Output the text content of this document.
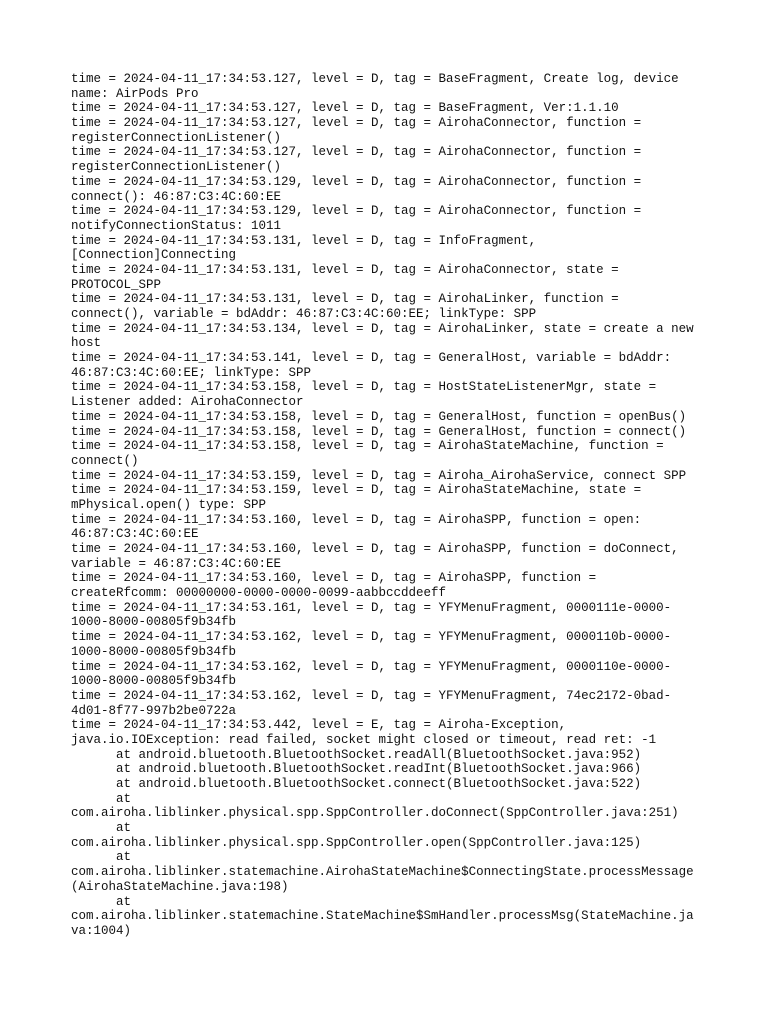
time = 2024-04-11_17:34:53.127, level = D, tag = BaseFragment, Create log, device
name: AirPods Pro
time = 2024-04-11_17:34:53.127, level = D, tag = BaseFragment, Ver:1.1.10
time = 2024-04-11_17:34:53.127, level = D, tag = AirohaConnector, function =
registerConnectionListener()
time = 2024-04-11_17:34:53.127, level = D, tag = AirohaConnector, function =
registerConnectionListener()
time = 2024-04-11_17:34:53.129, level = D, tag = AirohaConnector, function =
connect(): 46:87:C3:4C:60:EE
time = 2024-04-11_17:34:53.129, level = D, tag = AirohaConnector, function =
notifyConnectionStatus: 1011
time = 2024-04-11_17:34:53.131, level = D, tag = InfoFragment,
[Connection]Connecting
time = 2024-04-11_17:34:53.131, level = D, tag = AirohaConnector, state =
PROTOCOL_SPP
time = 2024-04-11_17:34:53.131, level = D, tag = AirohaLinker, function =
connect(), variable = bdAddr: 46:87:C3:4C:60:EE; linkType: SPP
time = 2024-04-11_17:34:53.134, level = D, tag = AirohaLinker, state = create a new
host
time = 2024-04-11_17:34:53.141, level = D, tag = GeneralHost, variable = bdAddr:
46:87:C3:4C:60:EE; linkType: SPP
time = 2024-04-11_17:34:53.158, level = D, tag = HostStateListenerMgr, state =
Listener added: AirohaConnector
time = 2024-04-11_17:34:53.158, level = D, tag = GeneralHost, function = openBus()
time = 2024-04-11_17:34:53.158, level = D, tag = GeneralHost, function = connect()
time = 2024-04-11_17:34:53.158, level = D, tag = AirohaStateMachine, function =
connect()
time = 2024-04-11_17:34:53.159, level = D, tag = Airoha_AirohaService, connect SPP
time = 2024-04-11_17:34:53.159, level = D, tag = AirohaStateMachine, state =
mPhysical.open() type: SPP
time = 2024-04-11_17:34:53.160, level = D, tag = AirohaSPP, function = open:
46:87:C3:4C:60:EE
time = 2024-04-11_17:34:53.160, level = D, tag = AirohaSPP, function = doConnect,
variable = 46:87:C3:4C:60:EE
time = 2024-04-11_17:34:53.160, level = D, tag = AirohaSPP, function =
createRfcomm: 00000000-0000-0000-0099-aabbccddeeff
time = 2024-04-11_17:34:53.161, level = D, tag = YFYMenuFragment, 0000111e-0000-
1000-8000-00805f9b34fb
time = 2024-04-11_17:34:53.162, level = D, tag = YFYMenuFragment, 0000110b-0000-
1000-8000-00805f9b34fb
time = 2024-04-11_17:34:53.162, level = D, tag = YFYMenuFragment, 0000110e-0000-
1000-8000-00805f9b34fb
time = 2024-04-11_17:34:53.162, level = D, tag = YFYMenuFragment, 74ec2172-0bad-
4d01-8f77-997b2be0722a
time = 2024-04-11_17:34:53.442, level = E, tag = Airoha-Exception,
java.io.IOException: read failed, socket might closed or timeout, read ret: -1
at android.bluetooth.BluetoothSocket.readAll(BluetoothSocket.java:952)
at android.bluetooth.BluetoothSocket.readInt(BluetoothSocket.java:966)
at android.bluetooth.BluetoothSocket.connect(BluetoothSocket.java:522)
at
com.airoha.liblinker.physical.spp.SppController.doConnect(SppController.java:251)
at
com.airoha.liblinker.physical.spp.SppController.open(SppController.java:125)
at
com.airoha.liblinker.statemachine.AirohaStateMachine$ConnectingState.processMessage
(AirohaStateMachine.java:198)
at
com.airoha.liblinker.statemachine.StateMachine$SmHandler.processMsg(StateMachine.ja
va:1004)
